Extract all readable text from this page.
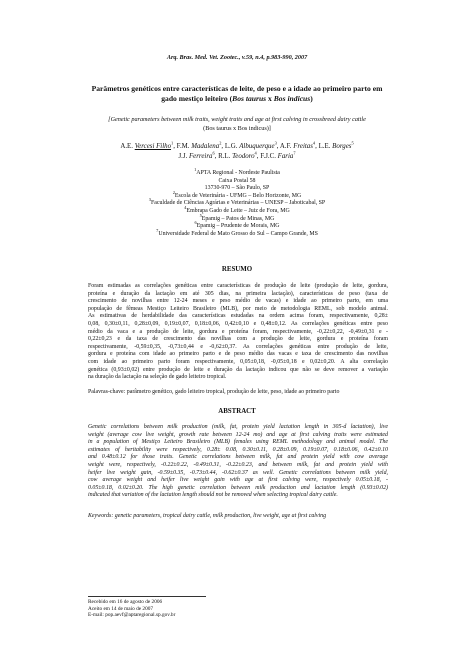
Arq. Bras. Med. Vet. Zootec., v.59, n.4, p.983-990, 2007
Parâmetros genéticos entre características de leite, de peso e a idade ao primeiro parto em
gado mestiço leiteiro (Bos taurus x Bos indicus)
[Genetic parameters between milk traits, weight traits and age at first calving in crossbreed dairy cattle
(Bos taurus x Bos indicus)]
A.E. Vercesi Filho$^1$, F.M. Madalena$^2$, L.G. Albuquerque$^3$, A.F. Freitas$^4$, L.E. Borges$^5$
J.J. Ferreira$^6$, R.L. Teodoro$^4$, F.J.C. Faria$^7$
$^1$APTA Regional - Nordeste Paulista
Caixa Postal 58
13730-970 – São Paulo, SP
$^2$Escola de Veterinária - UFMG – Belo Horizonte, MG
$^3$Faculdade de Ciências Agrárias e Veterinárias – UNESP – Jaboticabal, SP
$^4$Embrapa Gado de Leite – Juiz de Fora, MG
$^5$Epamig – Patos de Minas, MG
$^6$Epamig – Prudente de Morais, MG
$^7$Universidade Federal de Mato Grosso do Sul – Campo Grande, MS
RESUMO
Foram estimadas as correlações genéticas entre características de produção de leite (produção de leite, gordura,
proteína e duração da lactação em até 305 dias, na primeira lactação), características de peso (taxa de
crescimento de novilhas entre 12-24 meses e peso médio de vacas) e idade ao primeiro parto, em uma
população de fêmeas Mestiço Leiteiro Brasileiro (MLB), por meio de metodologia REML, sob modelo animal.
As estimativas de herdabilidade das características estudadas na ordem acima foram, respectivamente, 0,28±
0,08, 0,30±0,11, 0,28±0,09, 0,19±0,07, 0,18±0,06, 0,42±0,10 e 0,48±0,12. As correlações genéticas entre peso
médio da vaca e a produção de leite, gordura e proteína foram, respectivamente, -0,22±0,22, -0,49±0,31 e -
0,22±0,23 e da taxa de crescimento das novilhas com a produção de leite, gordura e proteína foram
respectivamente, -0,59±0,35, -0,73±0,44 e -0,62±0,37. As correlações genéticas entre produção de leite,
gordura e proteína com idade ao primeiro parto e de peso médio das vacas e taxa de crescimento das novilhas
com idade ao primeiro parto foram respectivamente, 0,05±0,18, -0,05±0,18 e 0,02±0,20. A alta correlação
genética (0,93±0,02) entre produção de leite e duração da lactação indicou que não se deve remover a variação
na duração da lactação na seleção de gado leiteiro tropical.
Palavras-chave: parâmetro genético, gado leiteiro tropical, produção de leite, peso, idade ao primeiro parto
ABSTRACT
Genetic correlations between milk production (milk, fat, protein yield lactation length in 305-d lactation), live
weight (average cow live weight, growth rate between 12-24 mo) and age at first calving traits were estimated
in a population of Mestiço Leiteiro Brasileiro (MLB) females using REML methodology and animal model. The
estimates of heritability were respectively, 0.28± 0.08, 0.30±0.11, 0.28±0.09, 0.19±0.07, 0.18±0.06, 0.42±0.10
and 0.48±0.12 for those traits. Genetic correlations between milk, fat and protein yield with cow average
weight were, respectively, -0.22±0.22, -0.49±0.31, -0.22±0.23, and between milk, fat and protein yield with
heifer live weight gain, -0.59±0.35, -0.73±0.44, -0.62±0.37 as well. Genetic correlations between milk yield,
cow average weight and heifer live weight gain with age at first calving were, respectively 0.05±0.18, -
0.05±0.18, 0.02±0.20. The high genetic correlation between milk production and lactation length (0.93±0.02)
indicated that variation of the lactation length should not be removed when selecting tropical dairy cattle.
Keywords: genetic parameters, tropical dairy cattle, milk production, live weight, age at first calving
Recebido em 16 de agosto de 2006
Aceito em 14 de maio de 2007
E-mail: pop.aevf@aptaregional.sp.gov.br
